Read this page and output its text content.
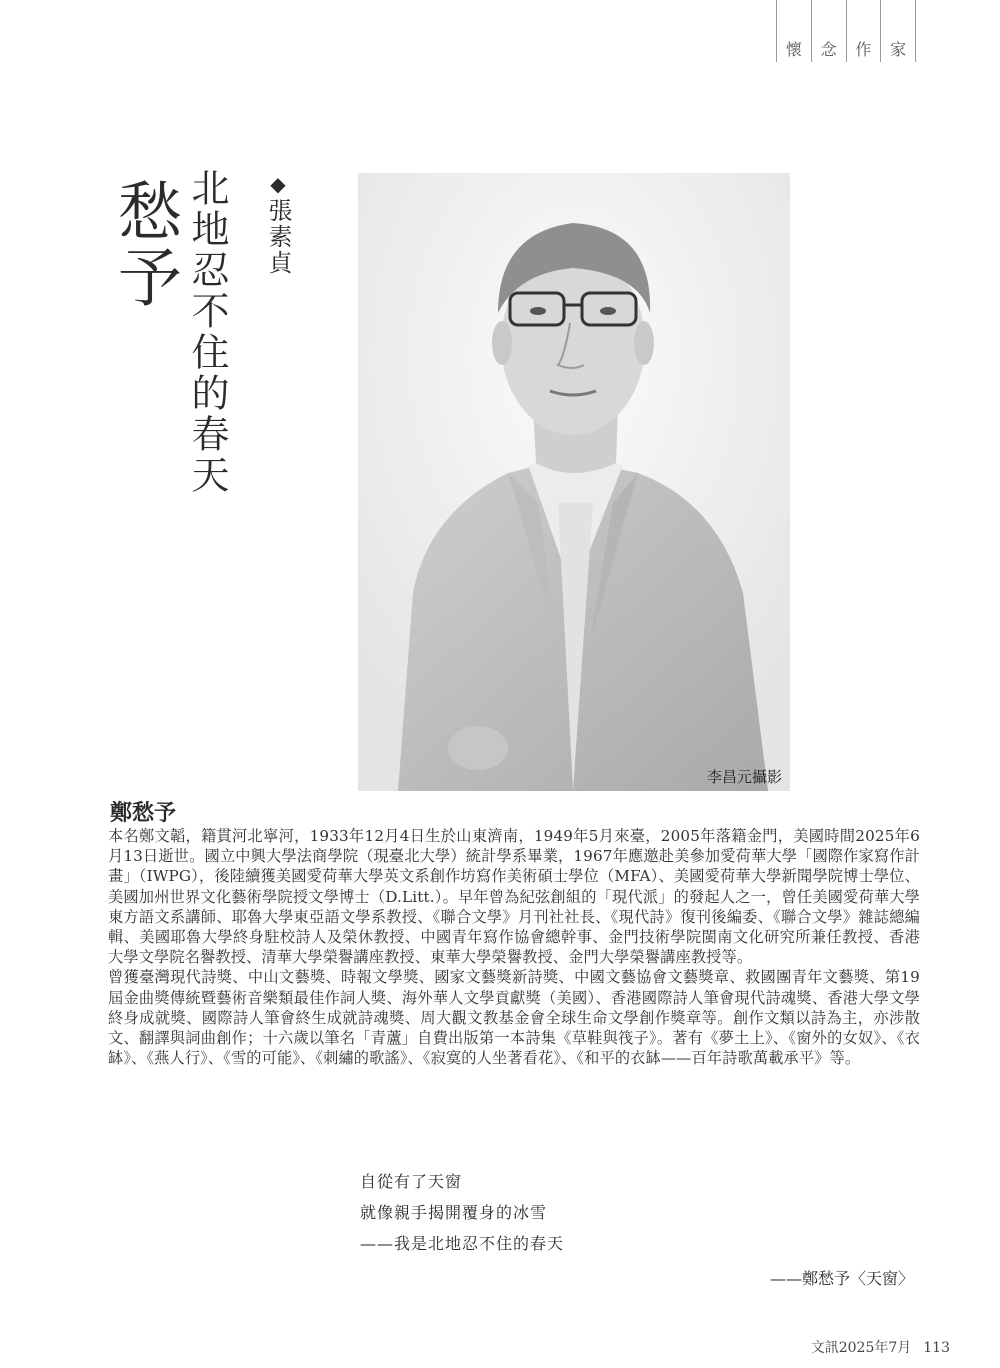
懷	念	作	家
愁予 北地忍不住的春天 ◆張素貞
李昌元攝影
鄭愁予

本名鄭文韜，籍貫河北寧河，1933年12月4日生於山東濟南，1949年5月來臺，2005年落籍金門，美國時間2025年6月13日逝世。國立中興大學法商學院（現臺北大學）統計學系畢業，1967年應邀赴美參加愛荷華大學「國際作家寫作計畫」（IWPG），後陸續獲美國愛荷華大學英文系創作坊寫作美術碩士學位（MFA）、美國愛荷華大學新聞學院博士學位、美國加州世界文化藝術學院授文學博士（D.Litt.）。早年曾為紀弦創組的「現代派」的發起人之一，曾任美國愛荷華大學東方語文系講師、耶魯大學東亞語文學系教授、《聯合文學》月刊社社長、《現代詩》復刊後編委、《聯合文學》雜誌總編輯、美國耶魯大學終身駐校詩人及榮休教授、中國青年寫作協會總幹事、金門技術學院閩南文化研究所兼任教授、香港大學文學院名譽教授、清華大學榮譽講座教授、東華大學榮譽教授、金門大學榮譽講座教授等。

曾獲臺灣現代詩獎、中山文藝獎、時報文學獎、國家文藝獎新詩獎、中國文藝協會文藝獎章、救國團青年文藝獎、第19屆金曲獎傳統暨藝術音樂類最佳作詞人獎、海外華人文學貢獻獎（美國）、香港國際詩人筆會現代詩魂獎、香港大學文學終身成就獎、國際詩人筆會終生成就詩魂獎、周大觀文教基金會全球生命文學創作獎章等。創作文類以詩為主，亦涉散文、翻譯與詞曲創作；十六歲以筆名「青蘆」自費出版第一本詩集《草鞋與筏子》。著有《夢土上》、《窗外的女奴》、《衣缽》、《燕人行》、《雪的可能》、《刺繡的歌謠》、《寂寞的人坐著看花》、《和平的衣缽——百年詩歌萬載承平》等。

自從有了天窗
就像親手揭開覆身的冰雪
——我是北地忍不住的春天
——鄭愁予〈天窗〉
文訊2025年7月 113
